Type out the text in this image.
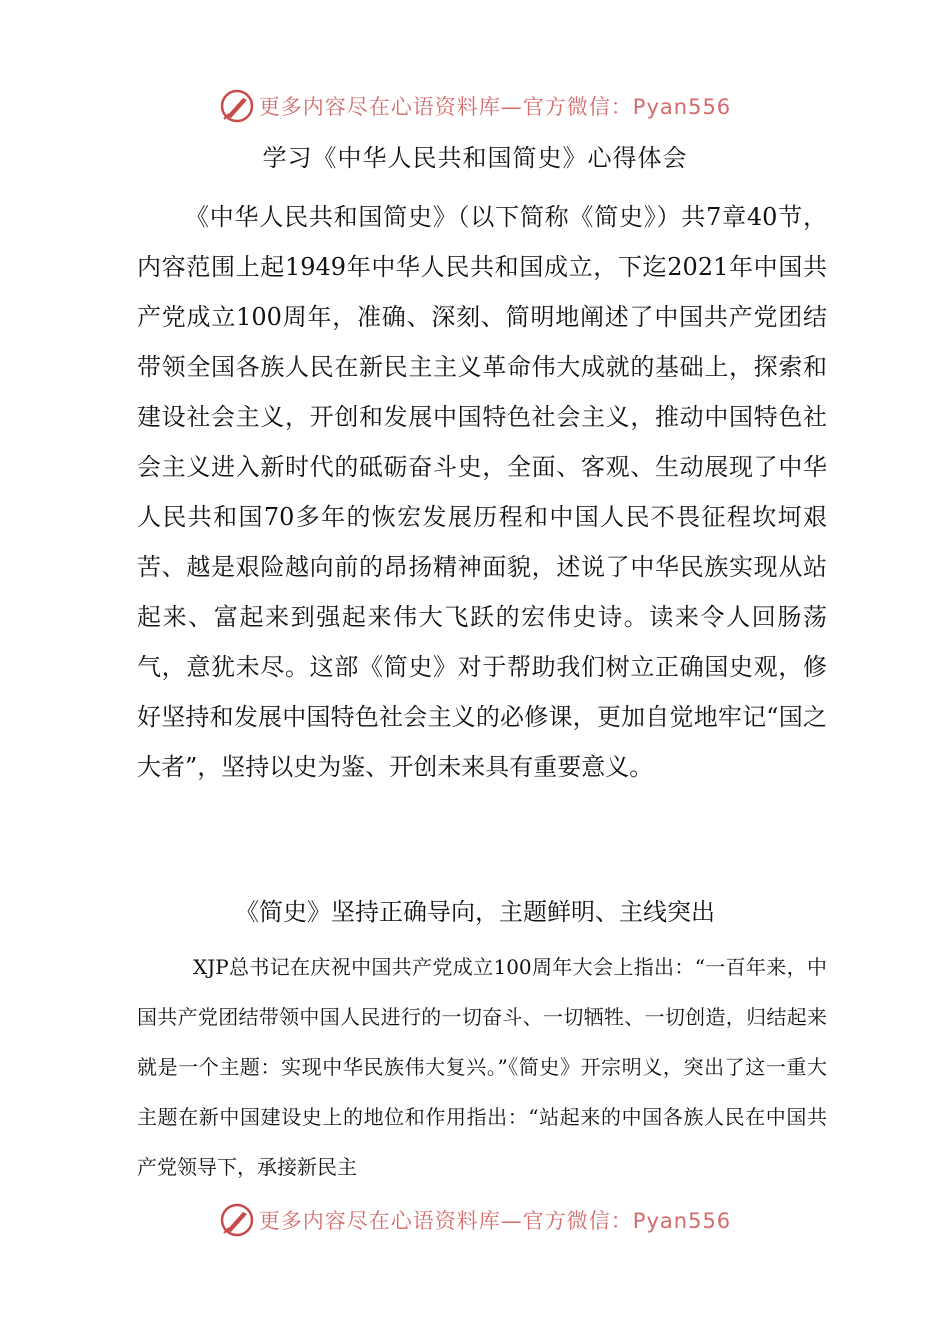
更多内容尽在心语资料库—官方微信：Pyan556
学习《中华人民共和国简史》心得体会

《中华人民共和国简史》（以下简称《简史》）共7章40节，内容范围上起1949年中华人民共和国成立，下迄2021年中国共产党成立100周年，准确、深刻、简明地阐述了中国共产党团结带领全国各族人民在新民主主义革命伟大成就的基础上，探索和建设社会主义，开创和发展中国特色社会主义，推动中国特色社会主义进入新时代的砥砺奋斗史，全面、客观、生动展现了中华人民共和国70多年的恢宏发展历程和中国人民不畏征程坎坷艰苦、越是艰险越向前的昂扬精神面貌，述说了中华民族实现从站起来、富起来到强起来伟大飞跃的宏伟史诗。读来令人回肠荡气，意犹未尽。这部《简史》对于帮助我们树立正确国史观，修好坚持和发展中国特色社会主义的必修课，更加自觉地牢记“国之大者”，坚持以史为鉴、开创未来具有重要意义。

《简史》坚持正确导向，主题鲜明、主线突出

XJP总书记在庆祝中国共产党成立100周年大会上指出：“一百年来，中国共产党团结带领中国人民进行的一切奋斗、一切牺牲、一切创造，归结起来就是一个主题：实现中华民族伟大复兴。”《简史》开宗明义，突出了这一重大主题在新中国建设史上的地位和作用指出：“站起来的中国各族人民在中国共产党领导下，承接新民主

更多内容尽在心语资料库—官方微信：Pyan556
